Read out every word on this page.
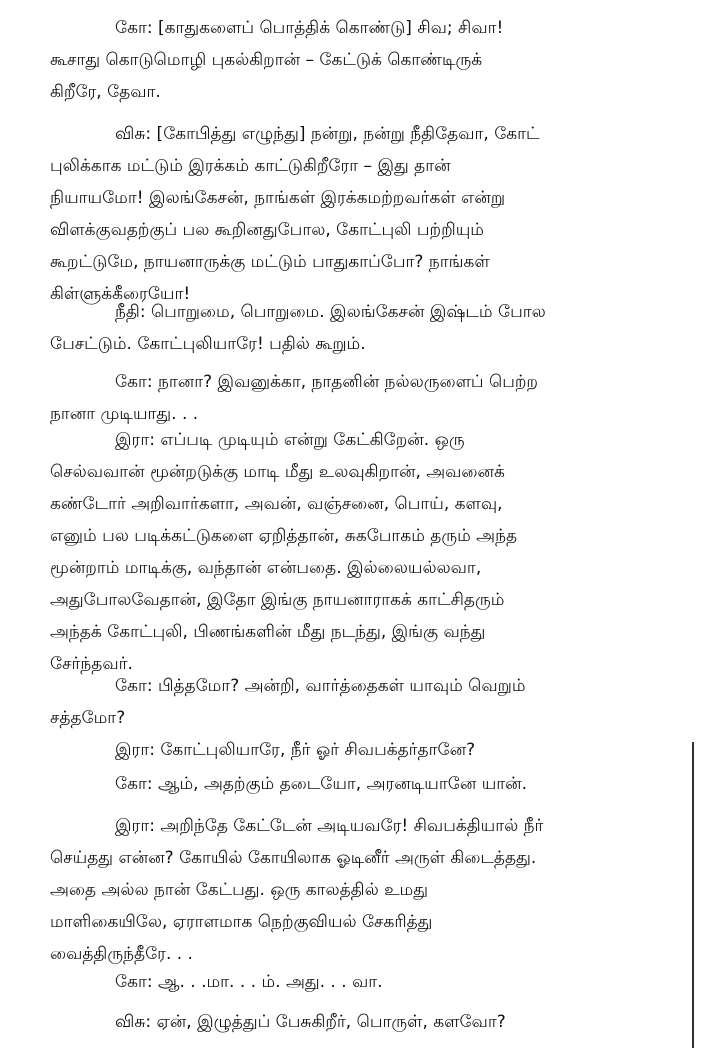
கோ: [காதுகளைப் பொத்திக் கொண்டு] சிவ; சிவா!
கூசாது கொடுமொழி புகல்கிறான் – கேட்டுக் கொண்டிருக்
கிறீரே, தேவா.
விசு: [கோபித்து எழுந்து] நன்று, நன்று நீதிதேவா, கோட்
புலிக்காக மட்டும் இரக்கம் காட்டுகிறீரோ – இது தான்
நியாயமோ! இலங்கேசன், நாங்கள் இரக்கமற்றவர்கள் என்று
விளக்குவதற்குப் பல கூறினதுபோல, கோட்புலி பற்றியும்
கூறட்டுமே, நாயனாருக்கு மட்டும் பாதுகாப்போ? நாங்கள்
கிள்ளுக்கீரையோ!
நீதி: பொறுமை, பொறுமை. இலங்கேசன் இஷ்டம் போல
பேசட்டும். கோட்புலியாரே! பதில் கூறும்.
கோ: நானா? இவனுக்கா, நாதனின் நல்லருளைப் பெற்ற
நானா முடியாது. . .
இரா: எப்படி முடியும் என்று கேட்கிறேன். ஒரு
செல்வவான் மூன்றடுக்கு மாடி மீது உலவுகிறான், அவனைக்
கண்டோர் அறிவார்களா, அவன், வஞ்சனை, பொய், களவு,
எனும் பல படிக்கட்டுகளை ஏறித்தான், சுகபோகம் தரும் அந்த
மூன்றாம் மாடிக்கு, வந்தான் என்பதை. இல்லையல்லவா,
அதுபோலவேதான், இதோ இங்கு நாயனாராகக் காட்சிதரும்
அந்தக் கோட்புலி, பிணங்களின் மீது நடந்து, இங்கு வந்து
சேர்ந்தவர்.
கோ: பித்தமோ? அன்றி, வார்த்தைகள் யாவும் வெறும்
சத்தமோ?
இரா: கோட்புலியாரே, நீர் ஓர் சிவபக்தர்தானே?
கோ: ஆம், அதற்கும் தடையோ, அரனடியானே யான்.
இரா: அறிந்தே கேட்டேன் அடியவரே! சிவபக்தியால் நீர்
செய்தது என்ன? கோயில் கோயிலாக ஓடினீர் அருள் கிடைத்தது.
அதை அல்ல நான் கேட்பது. ஒரு காலத்தில் உமது
மாளிகையிலே, ஏராளமாக நெற்குவியல் சேகரித்து
வைத்திருந்தீரே. . .
கோ: ஆ. . .மா. . . ம். அது. . . வா.
விசு: ஏன், இழுத்துப் பேசுகிறீர், பொருள், களவோ?
